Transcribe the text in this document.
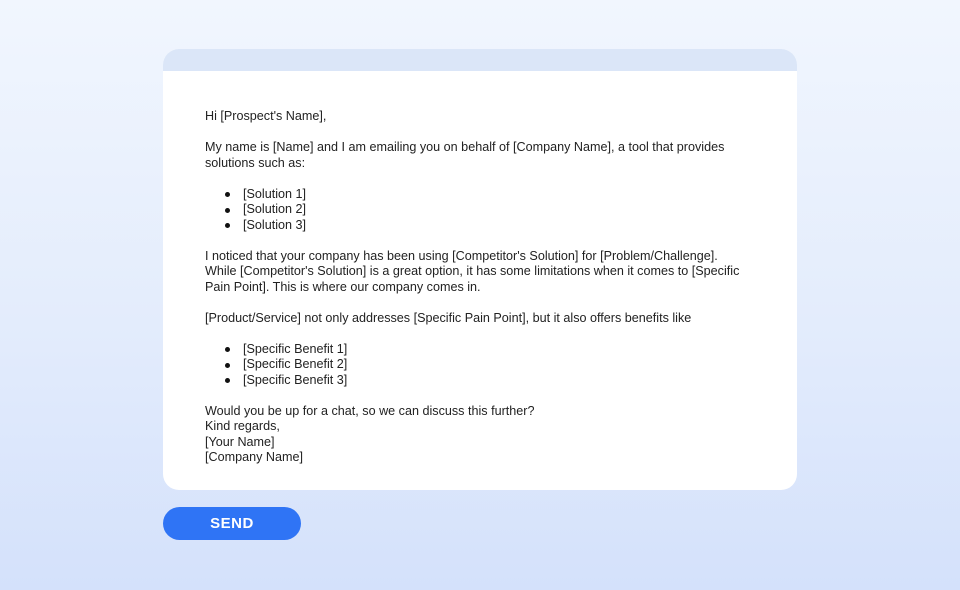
Hi [Prospect's Name],

My name is [Name] and I am emailing you on behalf of [Company Name], a tool that provides

solutions such as:

[Solution 1]
[Solution 2]
[Solution 3]

I noticed that your company has been using [Competitor's Solution] for [Problem/Challenge].

While [Competitor's Solution] is a great option, it has some limitations when it comes to [Specific

Pain Point]. This is where our company comes in.

[Product/Service] not only addresses [Specific Pain Point], but it also offers benefits like

[Specific Benefit 1]
[Specific Benefit 2]
[Specific Benefit 3]

Would you be up for a chat, so we can discuss this further?

Kind regards,

[Your Name]

[Company Name]

SEND
